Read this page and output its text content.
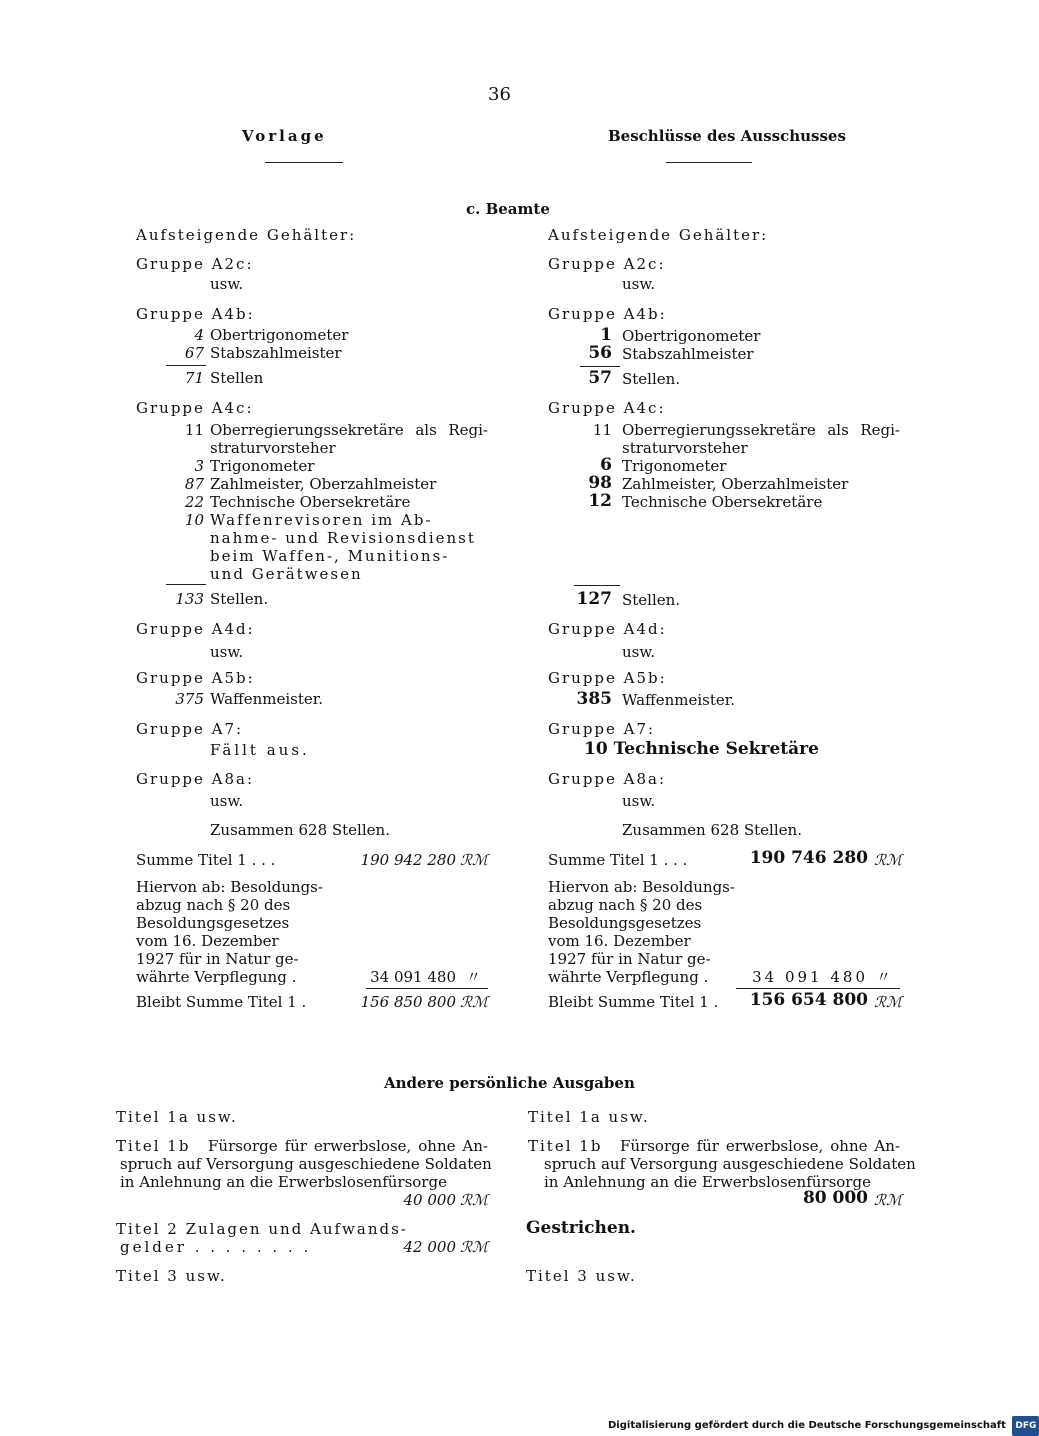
36
Vorlage	Beschlüsse des Ausschusses
c. Beamte
Aufsteigende Gehälter:
Gruppe A2c:
usw.
Gruppe A4b:
4 Obertrigonometer
67 Stabszahlmeister
71 Stellen
Gruppe A4c:
11 Oberregierungssekretäre als Regi-
straturvorsteher
3 Trigonometer
87 Zahlmeister, Oberzahlmeister
22 Technische Obersekretäre
10 Waffenrevisoren im Ab-
nahme- und Revisionsdienst
beim Waffen-, Munitions-
und Gerätwesen
133 Stellen.
Gruppe A4d:
usw.
Gruppe A5b:
375 Waffenmeister.
Gruppe A7:
Fällt aus.
Gruppe A8a:
usw.
Zusammen 628 Stellen.
Summe Titel 1 . . .	190 942 280 ℛℳ
Hiervon ab: Besoldungs-
abzug nach § 20 des
Besoldungsgesetzes
vom 16. Dezember
1927 für in Natur ge-
währte Verpflegung .	34 091 480 〃
Bleibt Summe Titel 1 .	156 850 800 ℛℳ
Aufsteigende Gehälter:
Gruppe A2c:
usw.
Gruppe A4b:
1 Obertrigonometer
56 Stabszahlmeister
57 Stellen.
Gruppe A4c:
11 Oberregierungssekretäre als Regi-
straturvorsteher
6 Trigonometer
98 Zahlmeister, Oberzahlmeister
12 Technische Obersekretäre
127 Stellen.
Gruppe A4d:
usw.
Gruppe A5b:
385 Waffenmeister.
Gruppe A7:
10 Technische Sekretäre
Gruppe A8a:
usw.
Zusammen 628 Stellen.
Summe Titel 1 . . .	190 746 280 ℛℳ
Hiervon ab: Besoldungs-
abzug nach § 20 des
Besoldungsgesetzes
vom 16. Dezember
1927 für in Natur ge-
währte Verpflegung .	34 091 480 〃
Bleibt Summe Titel 1 .	156 654 800 ℛℳ
Andere persönliche Ausgaben
Titel 1a usw.
Titel 1b Fürsorge für erwerbslose, ohne An-
spruch auf Versorgung ausgeschiedene Soldaten
in Anlehnung an die Erwerbslosenfürsorge
40 000 ℛℳ
Titel 2 Zulagen und Aufwands-
gelder . . . . . . . .	42 000 ℛℳ
Titel 3 usw.
Titel 1a usw.
Titel 1b Fürsorge für erwerbslose, ohne An-
spruch auf Versorgung ausgeschiedene Soldaten
in Anlehnung an die Erwerbslosenfürsorge
80 000 ℛℳ
Gestrichen.
Titel 3 usw.
Digitalisierung gefördert durch die Deutsche Forschungsgemeinschaft DFG
